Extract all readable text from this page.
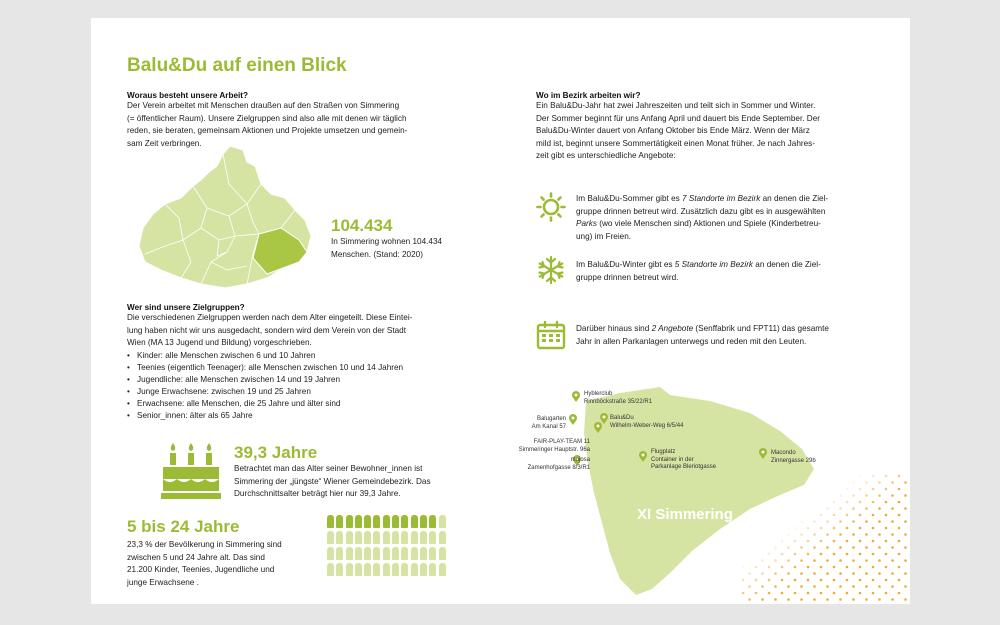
Balu&Du auf einen Blick
Woraus besteht unsere Arbeit?
Der Verein arbeitet mit Menschen draußen auf den Straßen von Simmering
(= öffentlicher Raum). Unsere Zielgruppen sind also alle mit denen wir täglich
reden, sie beraten, gemeinsam Aktionen und Projekte umsetzen und gemein-
sam Zeit verbringen.
104.434
In Simmering wohnen 104.434
Menschen. (Stand: 2020)
Wer sind unsere Zielgruppen?
Die verschiedenen Zielgruppen werden nach dem Alter eingeteilt. Diese Eintei-
lung haben nicht wir uns ausgedacht, sondern wird dem Verein von der Stadt
Wien (MA 13 Jugend und Bildung) vorgeschrieben.
• Kinder: alle Menschen zwischen 6 und 10 Jahren
• Teenies (eigentlich Teenager): alle Menschen zwischen 10 und 14 Jahren
• Jugendliche: alle Menschen zwischen 14 und 19 Jahren
• Junge Erwachsene: zwischen 19 und 25 Jahren
• Erwachsene: alle Menschen, die 25 Jahre und älter sind
• Senior_innen: älter als 65 Jahre
39,3 Jahre
Betrachtet man das Alter seiner Bewohner_innen ist
Simmering der „jüngste“ Wiener Gemeindebezirk. Das
Durchschnittsalter beträgt hier nur 39,3 Jahre.
5 bis 24 Jahre
23,3 % der Bevölkerung in Simmering sind
zwischen 5 und 24 Jahre alt. Das sind
21.200 Kinder, Teenies, Jugendliche und
junge Erwachsene .
Wo im Bezirk arbeiten wir?
Ein Balu&Du-Jahr hat zwei Jahreszeiten und teilt sich in Sommer und Winter.
Der Sommer beginnt für uns Anfang April und dauert bis Ende September. Der
Balu&Du-Winter dauert von Anfang Oktober bis Ende März. Wenn der März
mild ist, beginnt unsere Sommertätigkeit einen Monat früher. Je nach Jahres-
zeit gibt es unterschiedliche Angebote:
Im Balu&Du-Sommer gibt es 7 Standorte im Bezirk an denen die Ziel-
gruppe drinnen betreut wird. Zusätzlich dazu gibt es in ausgewählten
Parks (wo viele Menschen sind) Aktionen und Spiele (Kinderbetreu-
ung) im Freien.
Im Balu&Du-Winter gibt es 5 Standorte im Bezirk an denen die Ziel-
gruppe drinnen betreut wird.
Darüber hinaus sind 2 Angebote (Senffabrik und FPT11) das gesamte
Jahr in allen Parkanlagen unterwegs und reden mit den Leuten.
XI Simmering
Hyblerclub
Rinnböckstraße 35/22/R1
Balugarten
Am Kanal 57
Balu&Du
Wilhelm-Weber-Weg 6/5/44
FAIR-PLAY-TEAM 11
Simmeringer Hauptstr. 96a
mojosa
Zamenhofgasse 8/3/R1
Flugplatz
Container in der
Parkanlage Bleriotgasse
Macondo
Zinnergasse 29b
